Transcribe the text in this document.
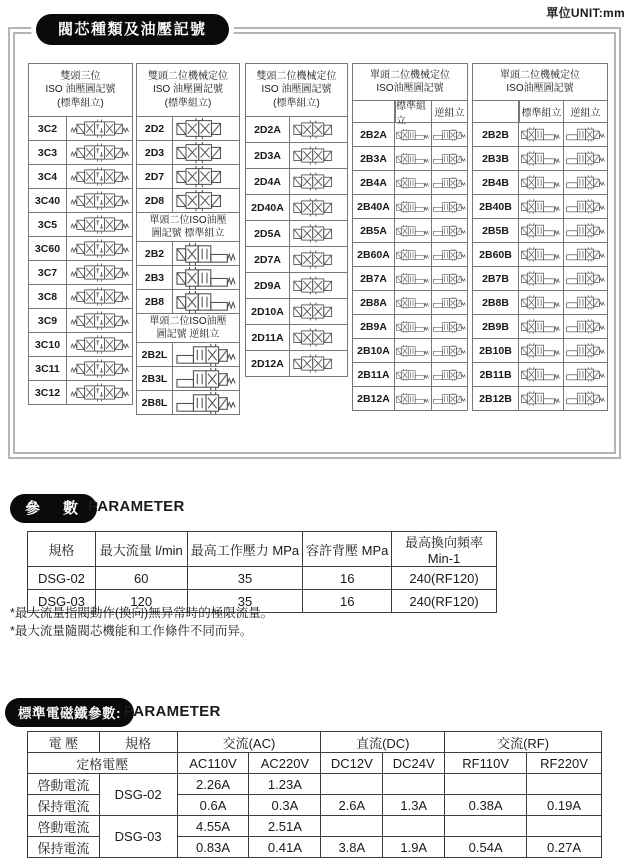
單位UNIT:mm
閥芯種類及油壓記號
雙頭三位
ISO 油壓圖記號
(標準組立)
3C2
3C3
3C4
3C40
3C5
3C60
3C7
3C8
3C9
3C10
3C11
3C12
雙頭二位機械定位
ISO 油壓圖記號
(標準組立)
2D2
2D3
2D7
2D8
單頭二位ISO油壓
圖記號 標準組立
2B2
2B3
2B8
單頭二位ISO油壓
圖記號 逆組立
2B2L
2B3L
2B8L
雙頭二位機械定位
ISO 油壓圖記號
(標準組立)
2D2A
2D3A
2D4A
2D40A
2D5A
2D7A
2D9A
2D10A
2D11A
2D12A
單頭二位機械定位
ISO油壓圖記號
標準組立
逆組立
2B2A
2B3A
2B4A
2B40A
2B5A
2B60A
2B7A
2B8A
2B9A
2B10A
2B11A
2B12A
單頭二位機械定位
ISO油壓圖記號
標準組立 逆組立
2B2B
2B3B
2B4B
2B40B
2B5B
2B60B
2B7B
2B8B
2B9B
2B10B
2B11B
2B12B
參　數 PARAMETER
規格	最大流量 l/min	最高工作壓力 MPa	容許背壓 MPa	最高換向頻率 Min-1
DSG-02	60	35	16	240(RF120)
DSG-03	120	35	16	240(RF120)
*最大流量指閥動作(換向)無异常時的極限流量。
*最大流量隨閥芯機能和工作條件不同而异。
標準電磁鐵參數: PARAMETER
電 壓	規格	交流(AC)		直流(DC)		交流(RF)	
定格電壓		AC110V	AC220V	DC12V	DC24V	RF110V	RF220V
啓動電流	DSG-02	2.26A	1.23A				
保持電流		0.6A	0.3A	2.6A	1.3A	0.38A	0.19A
啓動電流	DSG-03	4.55A	2.51A				
保持電流		0.83A	0.41A	3.8A	1.9A	0.54A	0.27A
